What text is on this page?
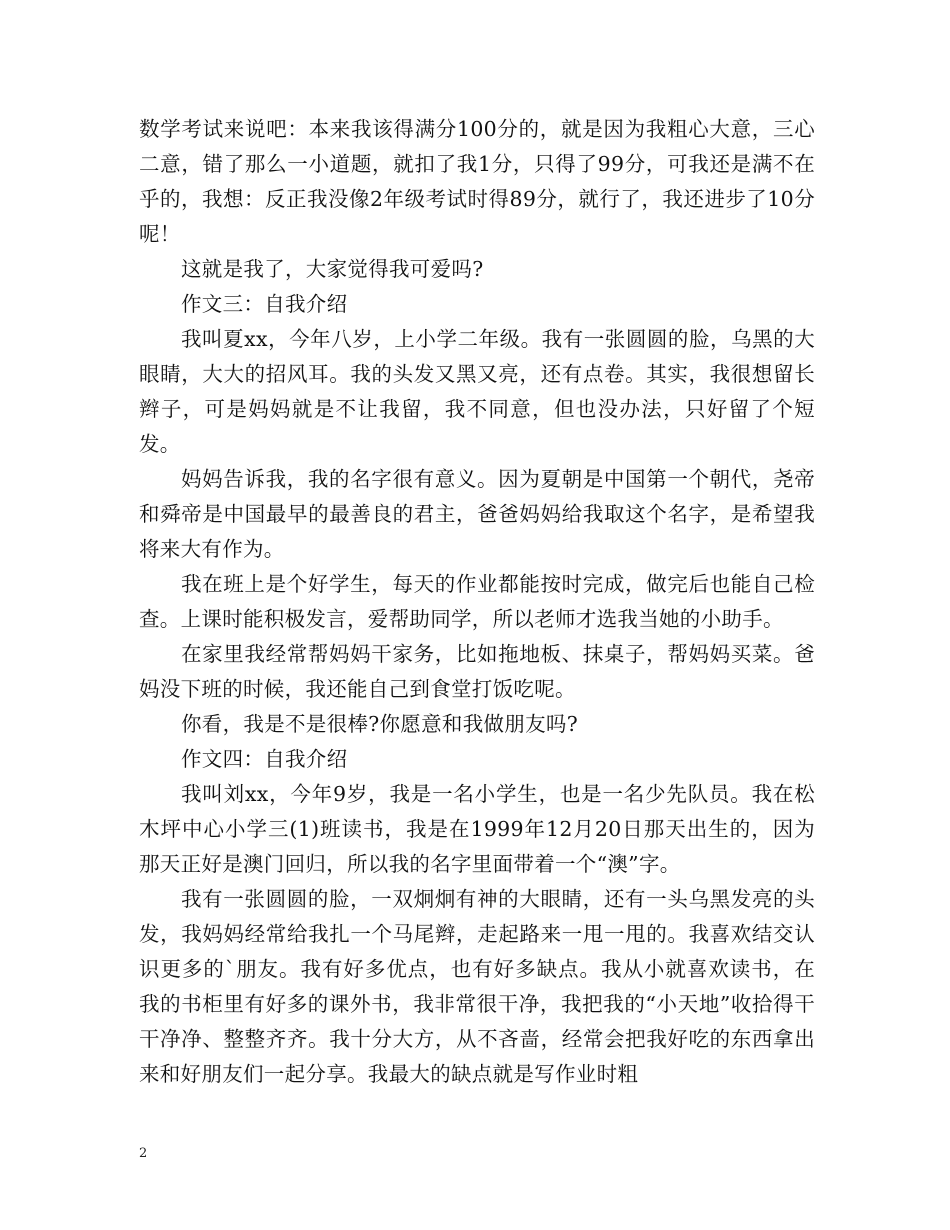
数学考试来说吧：本来我该得满分100分的，就是因为我粗心大意，三心二意，错了那么一小道题，就扣了我1分，只得了99分，可我还是满不在乎的，我想：反正我没像2年级考试时得89分，就行了，我还进步了10分呢！

这就是我了，大家觉得我可爱吗?

作文三：自我介绍

我叫夏xx，今年八岁，上小学二年级。我有一张圆圆的脸，乌黑的大眼睛，大大的招风耳。我的头发又黑又亮，还有点卷。其实，我很想留长辫子，可是妈妈就是不让我留，我不同意，但也没办法，只好留了个短发。

妈妈告诉我，我的名字很有意义。因为夏朝是中国第一个朝代，尧帝和舜帝是中国最早的最善良的君主，爸爸妈妈给我取这个名字，是希望我将来大有作为。

我在班上是个好学生，每天的作业都能按时完成，做完后也能自己检查。上课时能积极发言，爱帮助同学，所以老师才选我当她的小助手。

在家里我经常帮妈妈干家务，比如拖地板、抹桌子，帮妈妈买菜。爸妈没下班的时候，我还能自己到食堂打饭吃呢。

你看，我是不是很棒?你愿意和我做朋友吗?

作文四：自我介绍

我叫刘xx，今年9岁，我是一名小学生，也是一名少先队员。我在松木坪中心小学三(1)班读书，我是在1999年12月20日那天出生的，因为那天正好是澳门回归，所以我的名字里面带着一个“澳”字。

我有一张圆圆的脸，一双炯炯有神的大眼睛，还有一头乌黑发亮的头发，我妈妈经常给我扎一个马尾辫，走起路来一甩一甩的。我喜欢结交认识更多的`朋友。我有好多优点，也有好多缺点。我从小就喜欢读书，在我的书柜里有好多的课外书，我非常很干净，我把我的“小天地”收拾得干干净净、整整齐齐。我十分大方，从不吝啬，经常会把我好吃的东西拿出来和好朋友们一起分享。我最大的缺点就是写作业时粗

2
